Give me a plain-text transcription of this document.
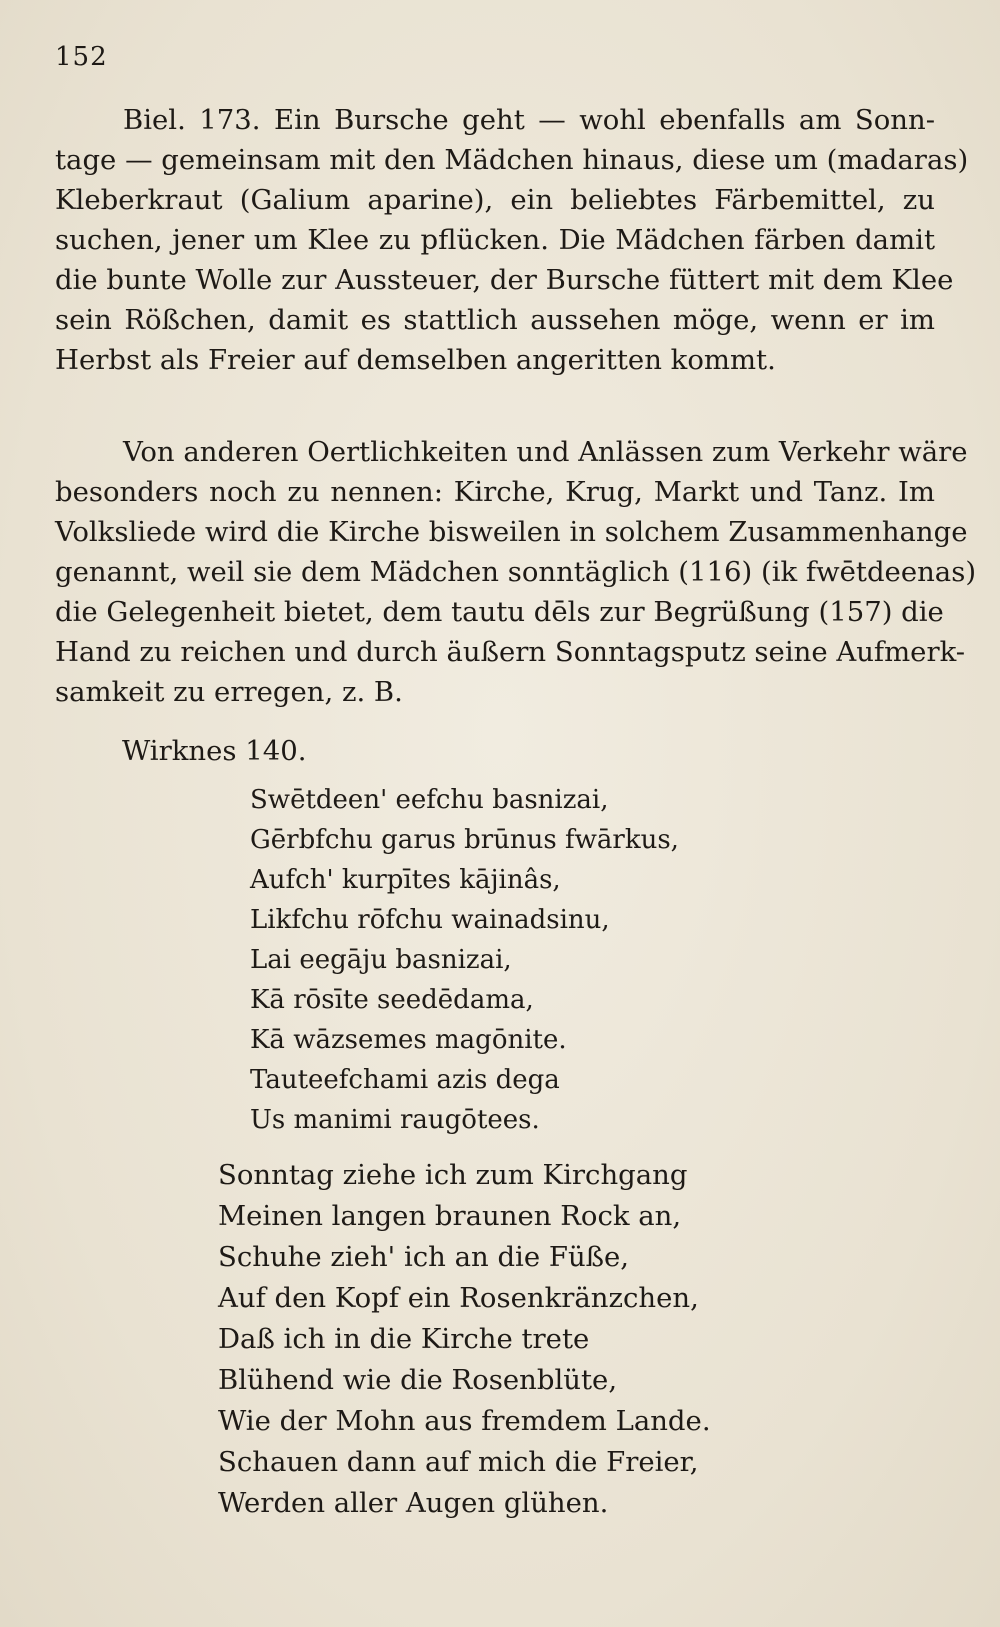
152

Biel. 173. Ein Bursche geht — wohl ebenfalls am Sonn-
tage — gemeinsam mit den Mädchen hinaus, diese um (madaras)
Kleberkraut (Galium aparine), ein beliebtes Färbemittel, zu
suchen, jener um Klee zu pflücken. Die Mädchen färben damit
die bunte Wolle zur Aussteuer, der Bursche füttert mit dem Klee
sein Rößchen, damit es stattlich aussehen möge, wenn er im
Herbst als Freier auf demselben angeritten kommt.

Von anderen Oertlichkeiten und Anlässen zum Verkehr wäre
besonders noch zu nennen: Kirche, Krug, Markt und Tanz. Im
Volksliede wird die Kirche bisweilen in solchem Zusammenhange
genannt, weil sie dem Mädchen sonntäglich (116) (ik fwētdeenas)
die Gelegenheit bietet, dem tautu dēls zur Begrüßung (157) die
Hand zu reichen und durch äußern Sonntagsputz seine Aufmerk-
samkeit zu erregen, z. B.

Wirknes 140.
Swētdeen' eefchu basnizai,
Gērbfchu garus brūnus fwārkus,
Aufch' kurpītes kājinâs,
Likfchu rōfchu wainadsinu,
Lai eegāju basnizai,
Kā rōsīte seedēdama,
Kā wāzsemes magōnite.
Tauteefchami azis dega
Us manimi raugōtees.
Sonntag ziehe ich zum Kirchgang
Meinen langen braunen Rock an,
Schuhe zieh' ich an die Füße,
Auf den Kopf ein Rosenkränzchen,
Daß ich in die Kirche trete
Blühend wie die Rosenblüte,
Wie der Mohn aus fremdem Lande.
Schauen dann auf mich die Freier,
Werden aller Augen glühen.
